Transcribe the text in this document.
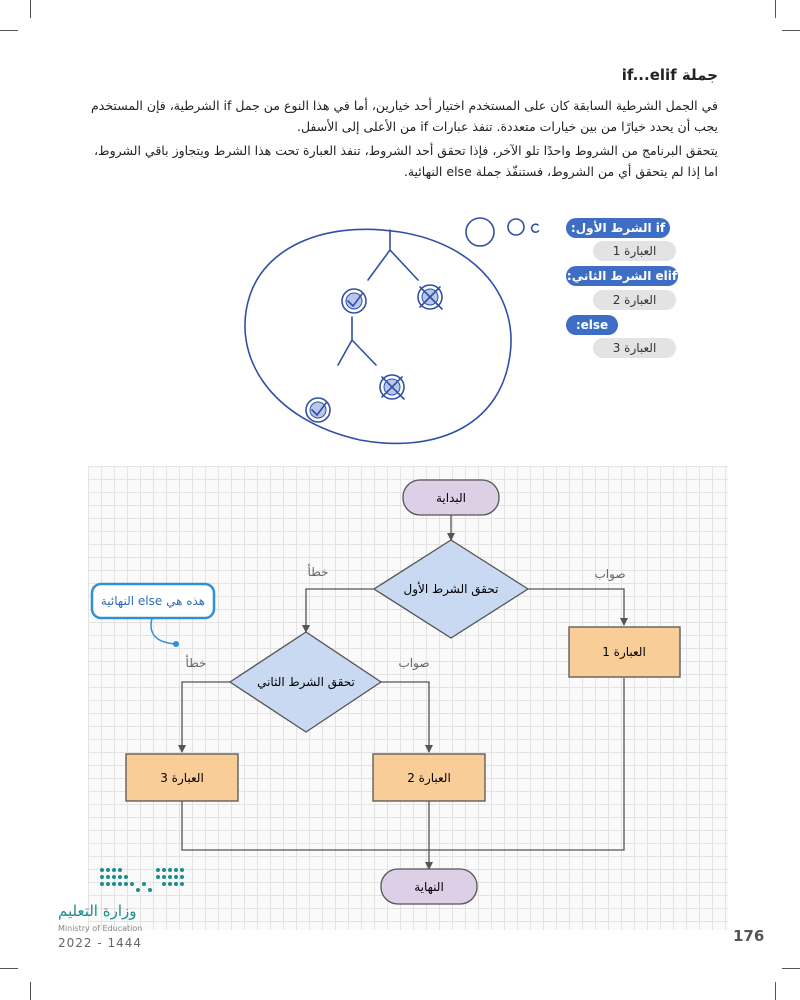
جملة if...elif
في الجمل الشرطية السابقة كان على المستخدم اختيار أحد خيارين، أما في هذا النوع من جمل if الشرطية، فإن المستخدم يجب أن يحدد خيارًا من بين خيارات متعددة. تنفذ عبارات if من الأعلى إلى الأسفل.
يتحقق البرنامج من الشروط واحدًا تلو الآخر، فإذا تحقق أحد الشروط، تنفذ العبارة تحت هذا الشرط ويتجاوز باقي الشروط، اما إذا لم يتحقق أي من الشروط، فستنفّذ جملة else النهائية.
if الشرط الأول:
العبارة 1
elif الشرط الثاني:
العبارة 2
else:
العبارة 3
البداية
تحقق الشرط الأول
صواب
خطأ
العبارة 1
تحقق الشرط الثاني
صواب
خطأ
العبارة 2
العبارة 3
النهاية
هذه هي else النهائية
وزارة التعليم
Ministry of Education
2022 - 1444	176
